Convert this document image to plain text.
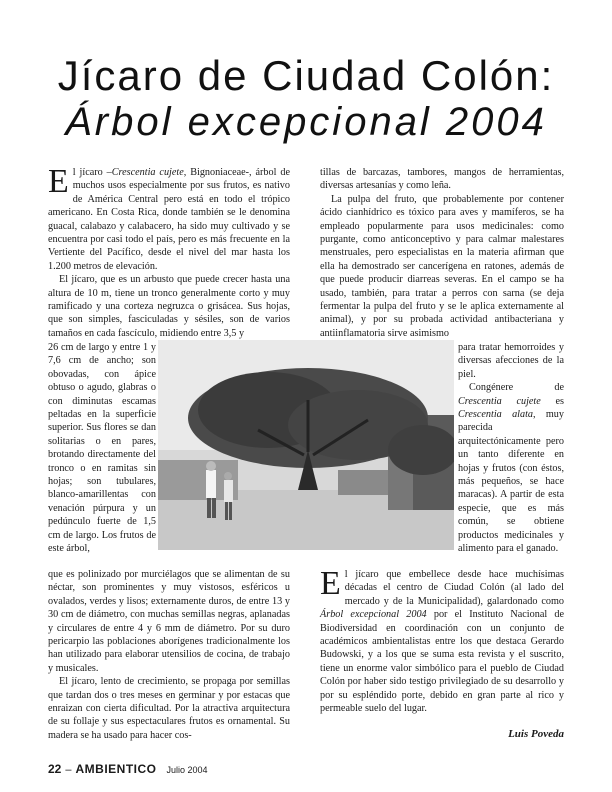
Jícaro de Ciudad Colón:
Árbol excepcional 2004

El jícaro –Crescentia cujete, Bignoniaceae-, árbol de muchos usos especialmente por sus frutos, es nativo de América Central pero está en todo el trópico americano. En Costa Rica, donde también se le denomina guacal, calabazo y calabacero, ha sido muy cultivado y se encuentra por casi todo el país, pero es más frecuente en la Vertiente del Pacífico, desde el nivel del mar hasta los 1.200 metros de elevación.

El jícaro, que es un arbusto que puede crecer hasta una altura de 10 m, tiene un tronco generalmente corto y muy ramificado y una corteza negruzca o grisácea. Sus hojas, que son simples, fasciculadas y sésiles, son de varios tamaños en cada fascículo, midiendo entre 3,5 y

26 cm de largo y entre 1 y 7,6 cm de ancho; son obovadas, con ápice obtuso o agudo, glabras o con diminutas escamas peltadas en la superficie superior. Sus flores se dan solitarias o en pares, brotando directamente del tronco o en ramitas sin hojas; son tubulares, blanco-amarillentas con venación púrpura y un pedúnculo fuerte de 1,5 cm de largo. Los frutos de este árbol,

que es polinizado por murciélagos que se alimentan de su néctar, son prominentes y muy vistosos, esféricos u ovalados, verdes y lisos; externamente duros, de entre 13 y 30 cm de diámetro, con muchas semillas negras, aplanadas y circulares de entre 4 y 6 mm de diámetro. Por su duro pericarpio las poblaciones aborígenes tradicionalmente los han utilizado para elaborar utensilios de cocina, de trabajo y musicales.

El jícaro, lento de crecimiento, se propaga por semillas que tardan dos o tres meses en germinar y por estacas que enraizan con cierta dificultad. Por la atractiva arquitectura de su follaje y sus espectaculares frutos es ornamental. Su madera se ha usado para hacer cos-

tillas de barcazas, tambores, mangos de herramientas, diversas artesanías y como leña.

La pulpa del fruto, que probablemente por contener ácido cianhídrico es tóxico para aves y mamíferos, se ha empleado popularmente para usos medicinales: como purgante, como anticonceptivo y para calmar malestares menstruales, pero especialistas en la materia afirman que ella ha demostrado ser cancerígena en ratones, además de que puede producir diarreas severas. En el campo se ha usado, también, para tratar a perros con sarna (se deja fermentar la pulpa del fruto y se le aplica externamente al animal), y por su probada actividad antibacteriana y antiinflamatoria sirve asimismo

para tratar hemorroides y diversas afecciones de la piel.

Congénere de Crescentia cujete es Crescentia alata, muy parecida arquitectónicamente pero un tanto diferente en hojas y frutos (con éstos, más pequeños, se hace maracas). A partir de esta especie, que es más común, se obtiene productos medicinales y alimento para el ganado.

El jícaro que embellece desde hace muchísimas décadas el centro de Ciudad Colón (al lado del mercado y de la Municipalidad), galardonado como Árbol excepcional 2004 por el Instituto Nacional de Biodiversidad en coordinación con un conjunto de académicos ambientalistas entre los que destaca Gerardo Budowski, y a los que se suma esta revista y el suscrito, tiene un enorme valor simbólico para el pueblo de Ciudad Colón por haber sido testigo privilegiado de su desarrollo y por su espléndido porte, debido en gran parte al rico y permeable suelo del lugar.

Luis Poveda
22 – AMBIENTICO Julio 2004
